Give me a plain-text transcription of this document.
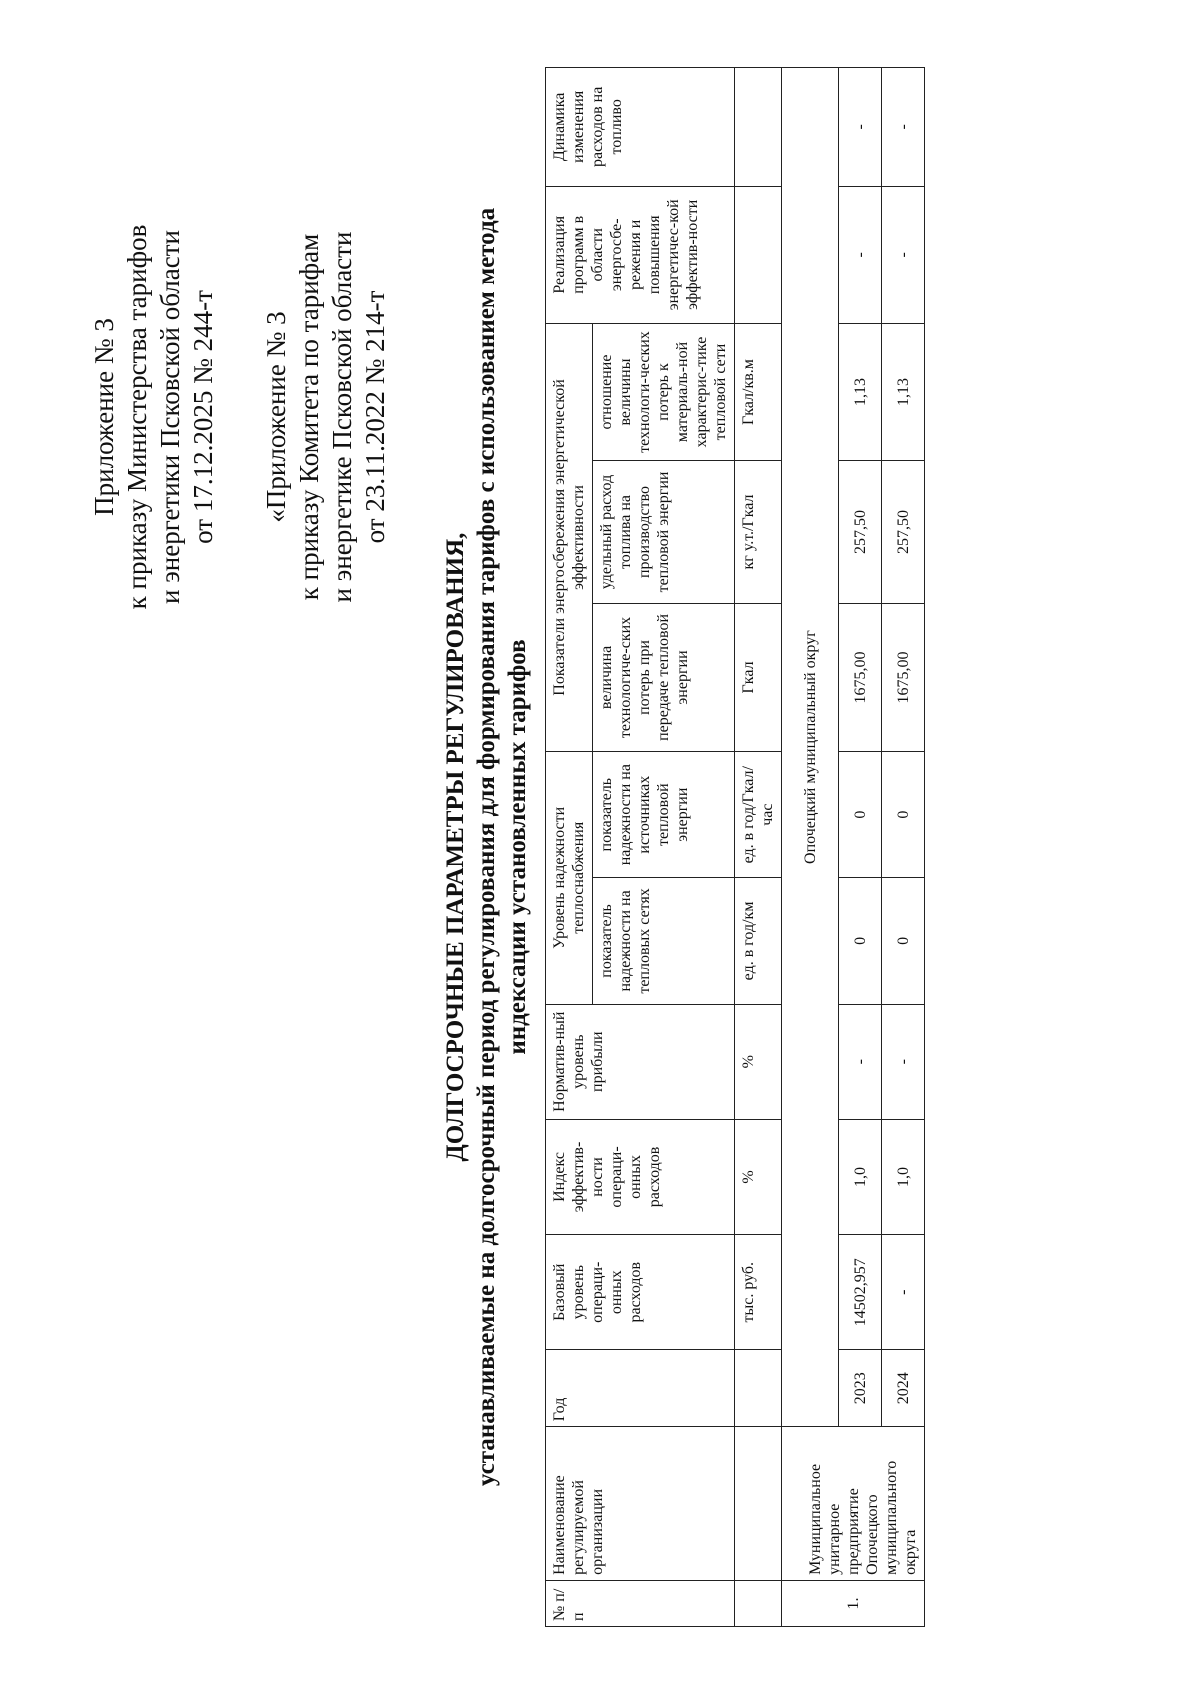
Приложение № 3 к приказу Министерства тарифов и энергетики Псковской области от 17.12.2025 № 244-т «Приложение № 3 к приказу Комитета по тарифам и энергетике Псковской области от 23.11.2022 № 214-т
ДОЛГОСРОЧНЫЕ ПАРАМЕТРЫ РЕГУЛИРОВАНИЯ, устанавливаемые на долгосрочный период регулирования для формирования тарифов с использованием метода индексации установленных тарифов
№ п/п	Наименование регулируемой организации	Год	Базовый уровень операци-онных расходов	Индекс эффектив-ности операци-онных расходов	Норматив-ный уровень прибыли	Уровень надежности теплоснабжения		Показатели энергосбережения энергетической эффективности			Реализация программ в области энергосбе-режения и повышения энергетичес-кой эффектив-ности	Динамика изменения расходов на топливо
						показатель надежности на тепловых сетях	показатель надежности на источниках тепловой энергии	величина технологиче-ских потерь при передаче тепловой энергии	удельный расход топлива на производство тепловой энергии	отношение величины технологи-ческих потерь к материаль-ной характерис-тике тепловой сети		
			тыс. руб.	%	%	ед. в год/км	ед. в год/Гкал/ час	Гкал	кг у.т./Гкал	Гкал/кв.м		
1.	Муниципальное унитарное предприятие Опочецкого муниципального округа	Опочецкий муниципальный округ										
		2023	14502,957	1,0	-	0	0	1675,00	257,50	1,13	-	-
		2024	-	1,0	-	0	0	1675,00	257,50	1,13	-	-
